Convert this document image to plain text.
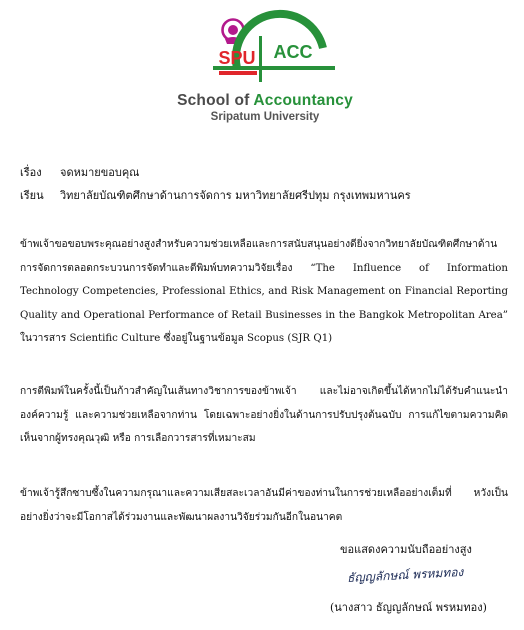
SPU ACC
School of Accountancy
Sripatum University
เรื่อง จดหมายขอบคุณ
เรียน วิทยาลัยบัณฑิตศึกษาด้านการจัดการ มหาวิทยาลัยศรีปทุม กรุงเทพมหานคร

ข้าพเจ้าขอขอบพระคุณอย่างสูงสำหรับความช่วยเหลือและการสนับสนุนอย่างดียิ่งจากวิทยาลัยบัณฑิตศึกษาด้านการจัดการตลอดกระบวนการจัดทำและตีพิมพ์บทความวิจัยเรื่อง “The Influence of Information Technology Competencies, Professional Ethics, and Risk Management on Financial Reporting Quality and Operational Performance of Retail Businesses in the Bangkok Metropolitan Area” ในวารสาร Scientific Culture ซึ่งอยู่ในฐานข้อมูล Scopus (SJR Q1)

การตีพิมพ์ในครั้งนี้เป็นก้าวสำคัญในเส้นทางวิชาการของข้าพเจ้า และไม่อาจเกิดขึ้นได้หากไม่ได้รับคำแนะนำ องค์ความรู้ และความช่วยเหลือจากท่าน โดยเฉพาะอย่างยิ่งในด้านการปรับปรุงต้นฉบับ การแก้ไขตามความคิดเห็นจากผู้ทรงคุณวุฒิ หรือ การเลือกวารสารที่เหมาะสม

ข้าพเจ้ารู้สึกซาบซึ้งในความกรุณาและความเสียสละเวลาอันมีค่าของท่านในการช่วยเหลืออย่างเต็มที่ หวังเป็นอย่างยิ่งว่าจะมีโอกาสได้ร่วมงานและพัฒนาผลงานวิจัยร่วมกันอีกในอนาคต

ขอแสดงความนับถืออย่างสูง
ธัญญลักษณ์ พรหมทอง
(นางสาว ธัญญลักษณ์ พรหมทอง)
